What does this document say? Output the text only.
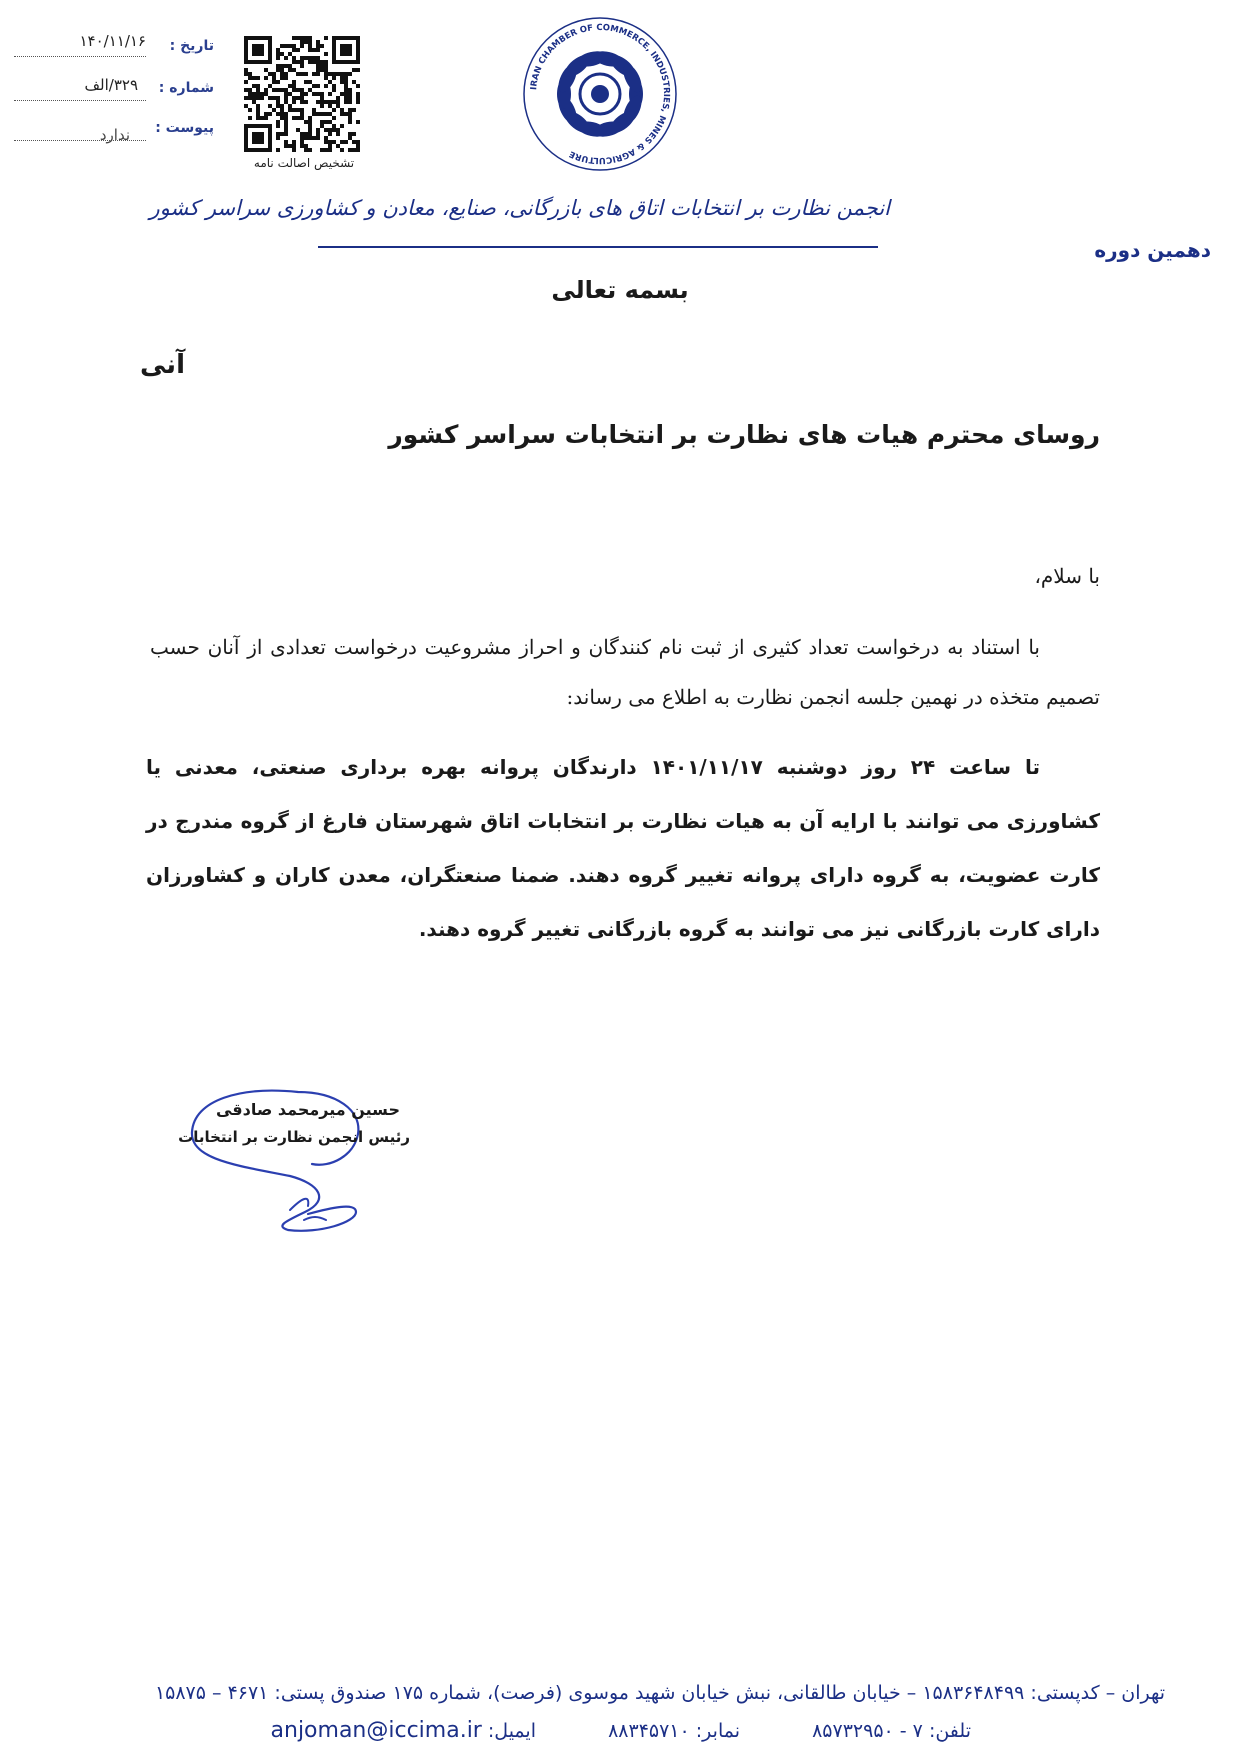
تاریخ :
۱۴۰/۱۱/۱۶
شماره :
۳۲۹/الف
پیوست :
ندارد
تشخیص اصالت نامه
IRAN CHAMBER OF COMMERCE, INDUSTRIES, MINES & AGRICULTURE
انجمن نظارت بر انتخابات اتاق های بازرگانی، صنایع، معادن و کشاورزی سراسر کشور
دهمین دوره
بسمه تعالی
آنی
روسای محترم هیات های نظارت بر انتخابات سراسر کشور
با سلام،
با استناد به درخواست تعداد کثیری از ثبت نام کنندگان و احراز مشروعیت درخواست تعدادی از آنان حسب تصمیم متخذه در نهمین جلسه انجمن نظارت به اطلاع می رساند:
تا ساعت ۲۴ روز دوشنبه ۱۴۰۱/۱۱/۱۷ دارندگان پروانه بهره برداری صنعتی، معدنی یا کشاورزی می توانند با ارایه آن به هیات نظارت بر انتخابات اتاق شهرستان فارغ از گروه مندرج در کارت عضویت، به گروه دارای پروانه تغییر گروه دهند. ضمنا صنعتگران، معدن کاران و کشاورزان دارای کارت بازرگانی نیز می توانند به گروه بازرگانی تغییر گروه دهند.
حسین میرمحمد صادقی
رئیس انجمن نظارت بر انتخابات
تهران – کدپستی: ۱۵۸۳۶۴۸۴۹۹ – خیابان طالقانی، نبش خیابان شهید موسوی (فرصت)، شماره ۱۷۵ صندوق پستی: ۴۶۷۱ – ۱۵۸۷۵
تلفن: ۷ - ۸۵۷۳۲۹۵۰  نمابر: ۸۸۳۴۵۷۱۰  ایمیل: anjoman@iccima.ir
